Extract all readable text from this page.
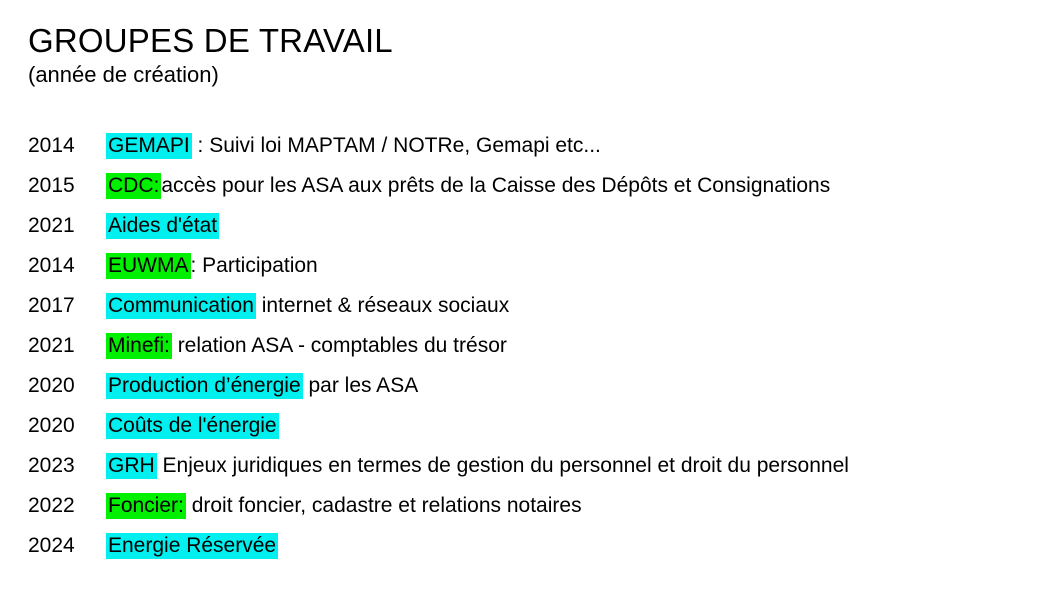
GROUPES DE TRAVAIL
(année de création)
2014	GEMAPI : Suivi loi MAPTAM / NOTRe, Gemapi etc...
2015	CDC:accès pour les ASA aux prêts de la Caisse des Dépôts et Consignations
2021	Aides d'état
2014	EUWMA: Participation
2017	Communication internet & réseaux sociaux
2021	Minefi: relation ASA - comptables du trésor
2020	Production d’énergie par les ASA
2020	Coûts de l'énergie
2023	GRH Enjeux juridiques en termes de gestion du personnel et droit du personnel
2022	Foncier: droit foncier, cadastre et relations notaires
2024	Energie Réservée
